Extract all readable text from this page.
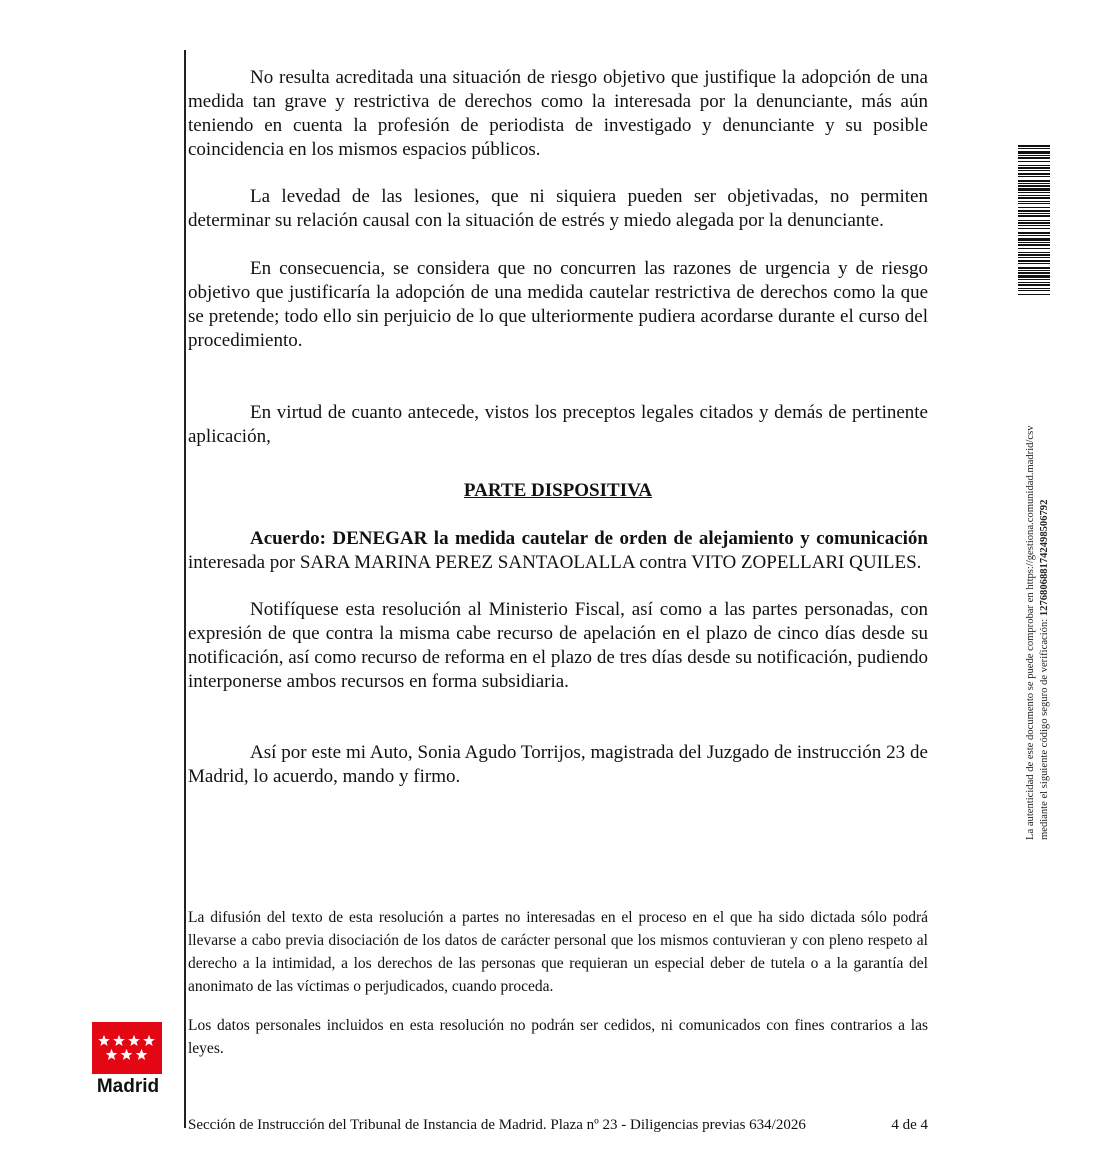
No resulta acreditada una situación de riesgo objetivo que justifique la adopción de una medida tan grave y restrictiva de derechos como la interesada por la denunciante, más aún teniendo en cuenta la profesión de periodista de investigado y denunciante y su posible coincidencia en los mismos espacios públicos.

La levedad de las lesiones, que ni siquiera pueden ser objetivadas, no permiten determinar su relación causal con la situación de estrés y miedo alegada por la denunciante.

En consecuencia, se considera que no concurren las razones de urgencia y de riesgo objetivo que justificaría la adopción de una medida cautelar restrictiva de derechos como la que se pretende; todo ello sin perjuicio de lo que ulteriormente pudiera acordarse durante el curso del procedimiento.

En virtud de cuanto antecede, vistos los preceptos legales citados y demás de pertinente aplicación,

PARTE DISPOSITIVA

Acuerdo: DENEGAR la medida cautelar de orden de alejamiento y comunicación interesada por SARA MARINA PEREZ SANTAOLALLA contra VITO ZOPELLARI QUILES.

Notifíquese esta resolución al Ministerio Fiscal, así como a las partes personadas, con expresión de que contra la misma cabe recurso de apelación en el plazo de cinco días desde su notificación, así como recurso de reforma en el plazo de tres días desde su notificación, pudiendo interponerse ambos recursos en forma subsidiaria.

Así por este mi Auto, Sonia Agudo Torrijos, magistrada del Juzgado de instrucción 23 de Madrid, lo acuerdo, mando y firmo.

La difusión del texto de esta resolución a partes no interesadas en el proceso en el que ha sido dictada sólo podrá llevarse a cabo previa disociación de los datos de carácter personal que los mismos contuvieran y con pleno respeto al derecho a la intimidad, a los derechos de las personas que requieran un especial deber de tutela o a la garantía del anonimato de las víctimas o perjudicados, cuando proceda.

Los datos personales incluidos en esta resolución no podrán ser cedidos, ni comunicados con fines contrarios a las leyes.

Sección de Instrucción del Tribunal de Instancia de Madrid. Plaza nº 23 - Diligencias previas 634/2026	4 de 4
La autenticidad de este documento se puede comprobar en https://gestiona.comunidad.madrid/csv mediante el siguiente código seguro de verificación: 1276806881742498506792
Madrid
